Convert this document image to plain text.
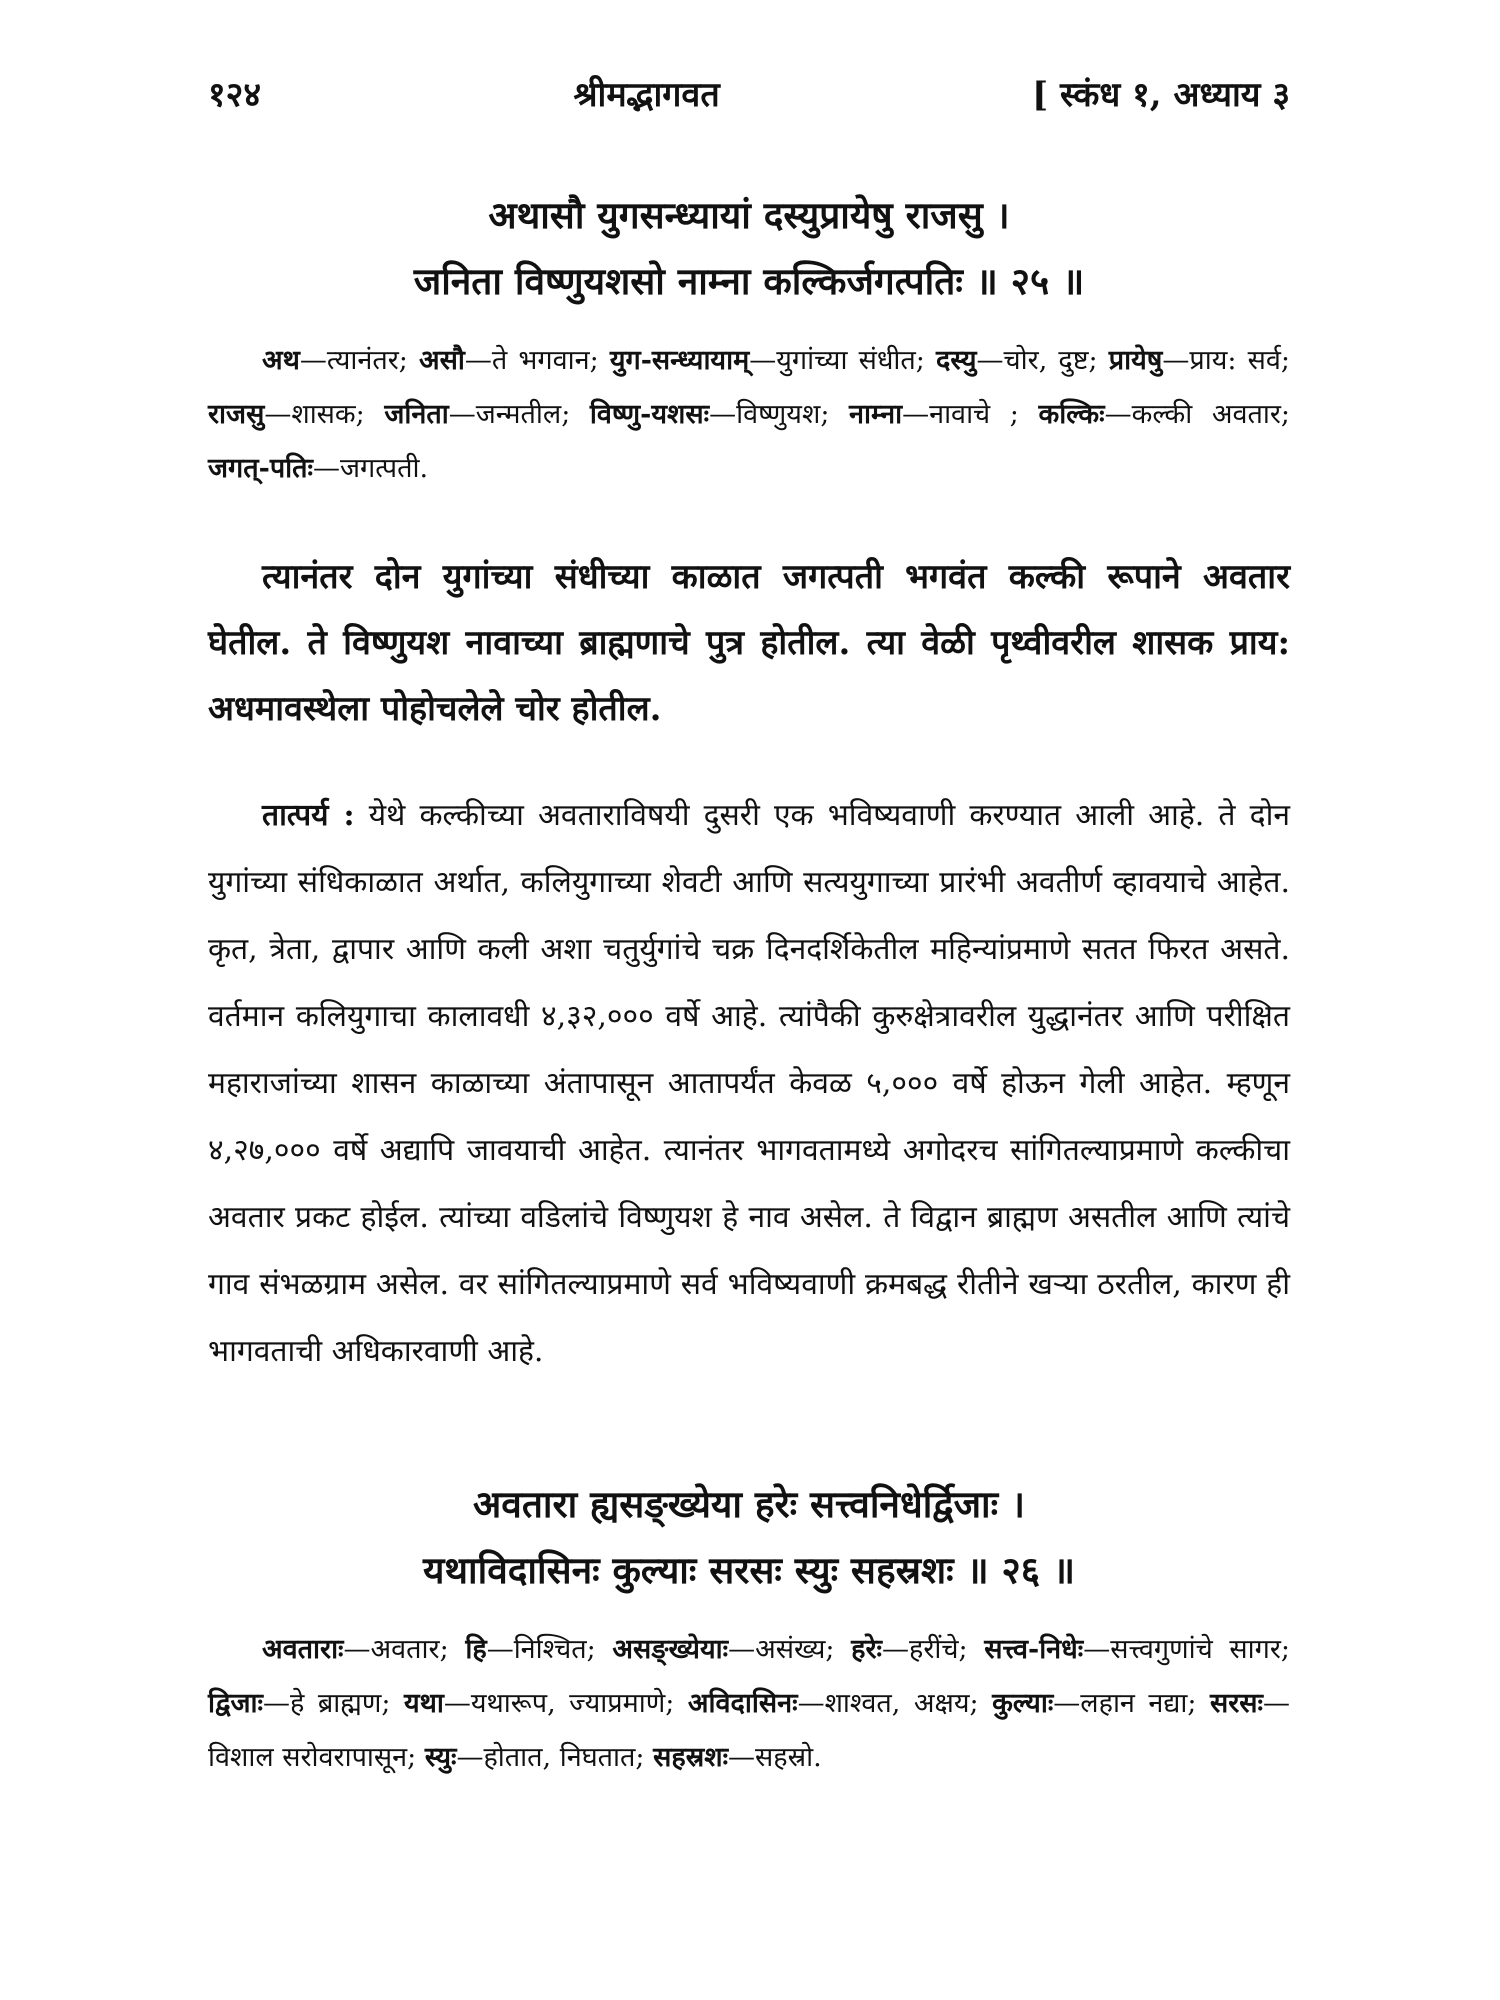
१२४	श्रीमद्भागवत	[ स्कंध १, अध्याय ३
अथासौ युगसन्ध्यायां दस्युप्रायेषु राजसु ।
जनिता विष्णुयशसो नाम्ना कल्किर्जगत्पतिः ॥ २५ ॥
अथ—त्यानंतर; असौ—ते भगवान; युग-सन्ध्यायाम्—युगांच्या संधीत; दस्यु—चोर, दुष्ट; प्रायेषु—प्राय: सर्व; राजसु—शासक; जनिता—जन्मतील; विष्णु-यशसः—विष्णुयश; नाम्ना—नावाचे ; कल्किः—कल्की अवतार; जगत्-पतिः—जगत्पती.
त्यानंतर दोन युगांच्या संधीच्या काळात जगत्पती भगवंत कल्की रूपाने अवतार घेतील. ते विष्णुयश नावाच्या ब्राह्मणाचे पुत्र होतील. त्या वेळी पृथ्वीवरील शासक प्राय: अधमावस्थेला पोहोचलेले चोर होतील.
तात्पर्य : येथे कल्कीच्या अवताराविषयी दुसरी एक भविष्यवाणी करण्यात आली आहे. ते दोन युगांच्या संधिकाळात अर्थात, कलियुगाच्या शेवटी आणि सत्ययुगाच्या प्रारंभी अवतीर्ण व्हावयाचे आहेत. कृत, त्रेता, द्वापार आणि कली अशा चतुर्युगांचे चक्र दिनदर्शिकेतील महिन्यांप्रमाणे सतत फिरत असते. वर्तमान कलियुगाचा कालावधी ४,३२,००० वर्षे आहे. त्यांपैकी कुरुक्षेत्रावरील युद्धानंतर आणि परीक्षित महाराजांच्या शासन काळाच्या अंतापासून आतापर्यंत केवळ ५,००० वर्षे होऊन गेली आहेत. म्हणून ४,२७,००० वर्षे अद्यापि जावयाची आहेत. त्यानंतर भागवतामध्ये अगोदरच सांगितल्याप्रमाणे कल्कीचा अवतार प्रकट होईल. त्यांच्या वडिलांचे विष्णुयश हे नाव असेल. ते विद्वान ब्राह्मण असतील आणि त्यांचे गाव संभळग्राम असेल. वर सांगितल्याप्रमाणे सर्व भविष्यवाणी क्रमबद्ध रीतीने खऱ्या ठरतील, कारण ही भागवताची अधिकारवाणी आहे.
अवतारा ह्यसङ्ख्येया हरेः सत्त्वनिधेर्द्विजाः ।
यथाविदासिनः कुल्याः सरसः स्युः सहस्रशः ॥ २६ ॥
अवताराः—अवतार; हि—निश्चित; असङ्ख्येयाः—असंख्य; हरेः—हरींचे; सत्त्व-निधेः—सत्त्वगुणांचे सागर; द्विजाः—हे ब्राह्मण; यथा—यथारूप, ज्याप्रमाणे; अविदासिनः—शाश्वत, अक्षय; कुल्याः—लहान नद्या; सरसः—विशाल सरोवरापासून; स्युः—होतात, निघतात; सहस्रशः—सहस्रो.
